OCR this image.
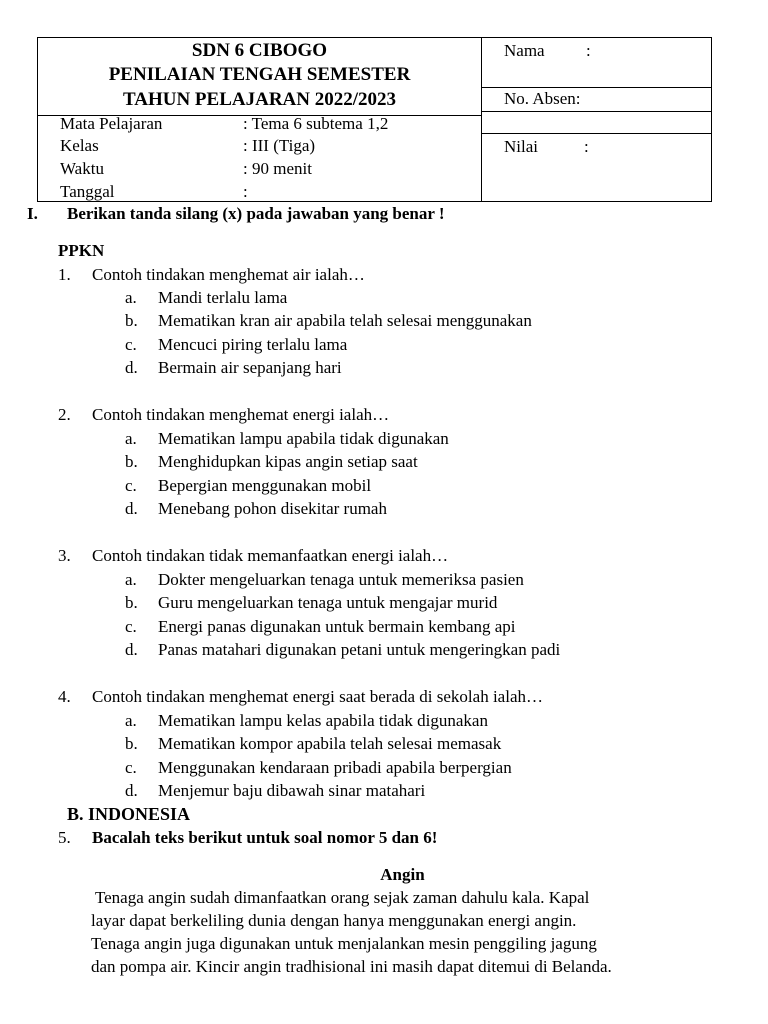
SDN 6 CIBOGO
PENILAIAN TENGAH SEMESTER
TAHUN PELAJARAN 2022/2023
Nama :
No. Absen:
Nilai	:
Mata Pelajaran	: Tema 6 subtema 1,2
Kelas	: III (Tiga)
Waktu	: 90 menit
Tanggal	:
I. Berikan tanda silang (x) pada jawaban yang benar !
PPKN
1. Contoh tindakan menghemat air ialah…
a. Mandi terlalu lama
b. Mematikan kran air apabila telah selesai menggunakan
c. Mencuci piring terlalu lama
d. Bermain air sepanjang hari
2. Contoh tindakan menghemat energi ialah…
a. Mematikan lampu apabila tidak digunakan
b. Menghidupkan kipas angin setiap saat
c. Bepergian menggunakan mobil
d. Menebang pohon disekitar rumah
3. Contoh tindakan tidak memanfaatkan energi ialah…
a. Dokter mengeluarkan tenaga untuk memeriksa pasien
b. Guru mengeluarkan tenaga untuk mengajar murid
c. Energi panas digunakan untuk bermain kembang api
d. Panas matahari digunakan petani untuk mengeringkan padi
4. Contoh tindakan menghemat energi saat berada di sekolah ialah…
a. Mematikan lampu kelas apabila tidak digunakan
b. Mematikan kompor apabila telah selesai memasak
c. Menggunakan kendaraan pribadi apabila berpergian
d. Menjemur baju dibawah sinar matahari
B. INDONESIA
5. Bacalah teks berikut untuk soal nomor 5 dan 6!
Angin
Tenaga angin sudah dimanfaatkan orang sejak zaman dahulu kala. Kapal
layar dapat berkeliling dunia dengan hanya menggunakan energi angin.
Tenaga angin juga digunakan untuk menjalankan mesin penggiling jagung
dan pompa air. Kincir angin tradhisional ini masih dapat ditemui di Belanda.
